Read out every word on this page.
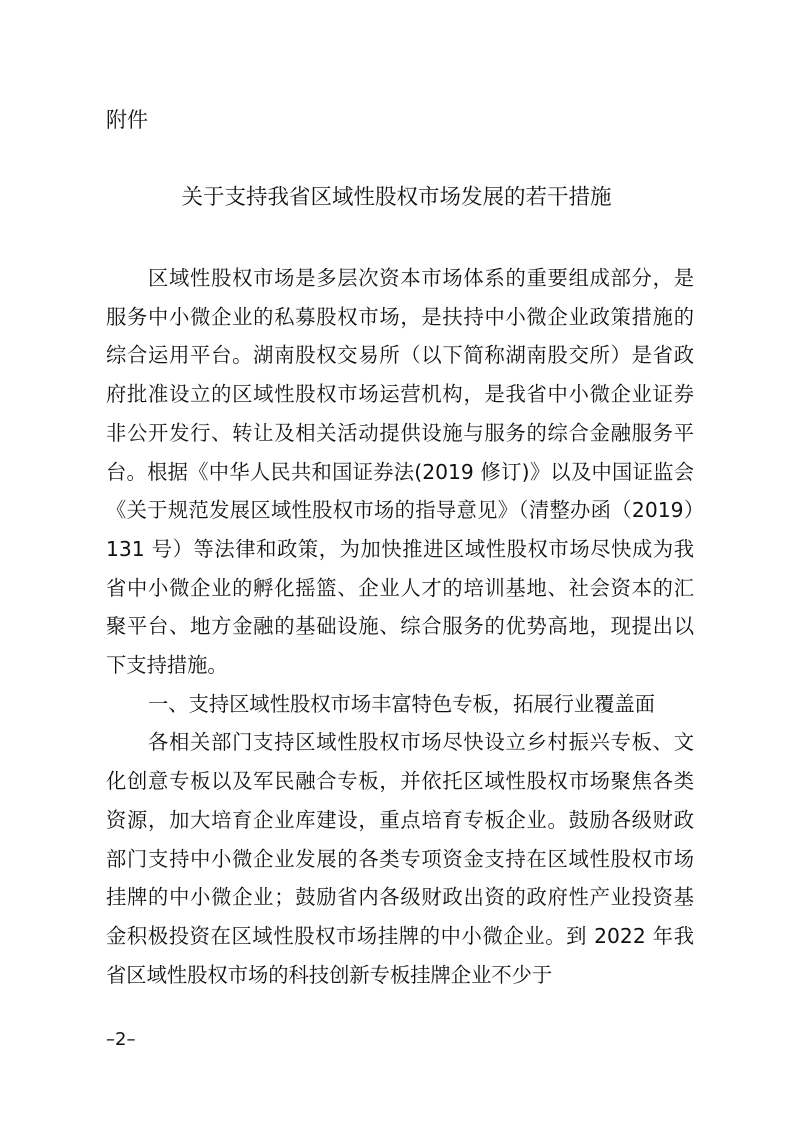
附件

关于支持我省区域性股权市场发展的若干措施

区域性股权市场是多层次资本市场体系的重要组成部分，是服务中小微企业的私募股权市场，是扶持中小微企业政策措施的综合运用平台。湖南股权交易所（以下简称湖南股交所）是省政府批准设立的区域性股权市场运营机构，是我省中小微企业证券非公开发行、转让及相关活动提供设施与服务的综合金融服务平台。根据《中华人民共和国证券法(2019 修订)》以及中国证监会《关于规范发展区域性股权市场的指导意见》（清整办函（2019）131 号）等法律和政策，为加快推进区域性股权市场尽快成为我省中小微企业的孵化摇篮、企业人才的培训基地、社会资本的汇聚平台、地方金融的基础设施、综合服务的优势高地，现提出以下支持措施。

一、支持区域性股权市场丰富特色专板，拓展行业覆盖面

各相关部门支持区域性股权市场尽快设立乡村振兴专板、文化创意专板以及军民融合专板，并依托区域性股权市场聚焦各类资源，加大培育企业库建设，重点培育专板企业。鼓励各级财政部门支持中小微企业发展的各类专项资金支持在区域性股权市场挂牌的中小微企业；鼓励省内各级财政出资的政府性产业投资基金积极投资在区域性股权市场挂牌的中小微企业。到 2022 年我省区域性股权市场的科技创新专板挂牌企业不少于

–2–
